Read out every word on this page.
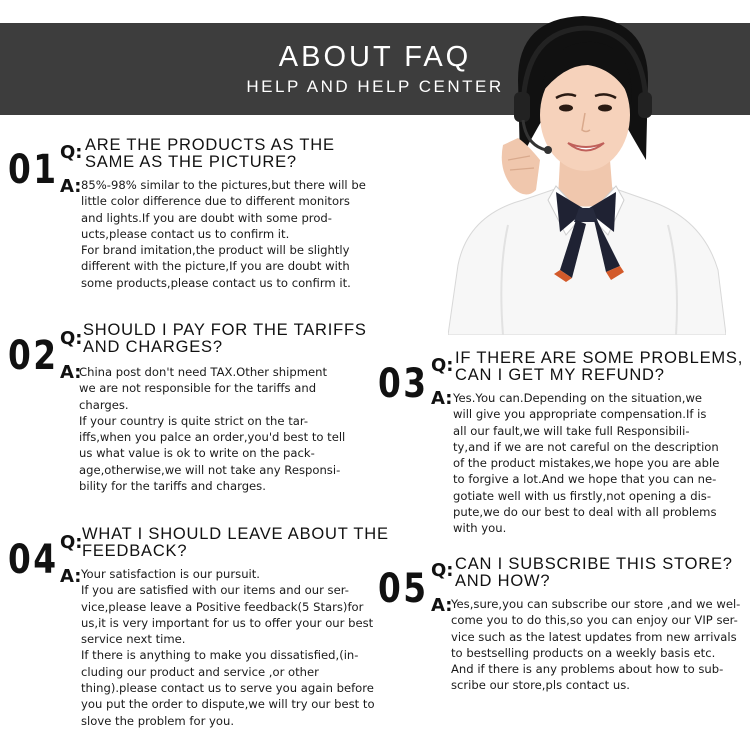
ABOUT FAQ
HELP AND HELP CENTER
01 Q:
A:
ARE THE PRODUCTS AS THE
SAME AS THE PICTURE?
85%-98% similar to the pictures,but there will be
little color difference due to different monitors
and lights.If you are doubt with some prod-
ucts,please contact us to confirm it.
For brand imitation,the product will be slightly
different with the picture,If you are doubt with
some products,please contact us to confirm it.
02 Q:
A:
SHOULD I PAY FOR THE TARIFFS
AND CHARGES?
China post don't need TAX.Other shipment
we are not responsible for the tariffs and
charges.
If your country is quite strict on the tar-
iffs,when you palce an order,you'd best to tell
us what value is ok to write on the pack-
age,otherwise,we will not take any Responsi-
bility for the tariffs and charges.
03 Q:
A:
IF THERE ARE SOME PROBLEMS,
CAN I GET MY REFUND?
Yes.You can.Depending on the situation,we
will give you appropriate compensation.If is
all our fault,we will take full Responsibili-
ty,and if we are not careful on the description
of the product mistakes,we hope you are able
to forgive a lot.And we hope that you can ne-
gotiate well with us firstly,not opening a dis-
pute,we do our best to deal with all problems
with you.
04 Q:
A:
WHAT I SHOULD LEAVE ABOUT THE
FEEDBACK?
Your satisfaction is our pursuit.
If you are satisfied with our items and our ser-
vice,please leave a Positive feedback(5 Stars)for
us,it is very important for us to offer your our best
service next time.
If there is anything to make you dissatisfied,(in-
cluding our product and service ,or other
thing).please contact us to serve you again before
you put the order to dispute,we will try our best to
slove the problem for you.
05 Q:
A:
CAN I SUBSCRIBE THIS STORE?
AND HOW?
Yes,sure,you can subscribe our store ,and we wel-
come you to do this,so you can enjoy our VIP ser-
vice such as the latest updates from new arrivals
to bestselling products on a weekly basis etc.
And if there is any problems about how to sub-
scribe our store,pls contact us.
